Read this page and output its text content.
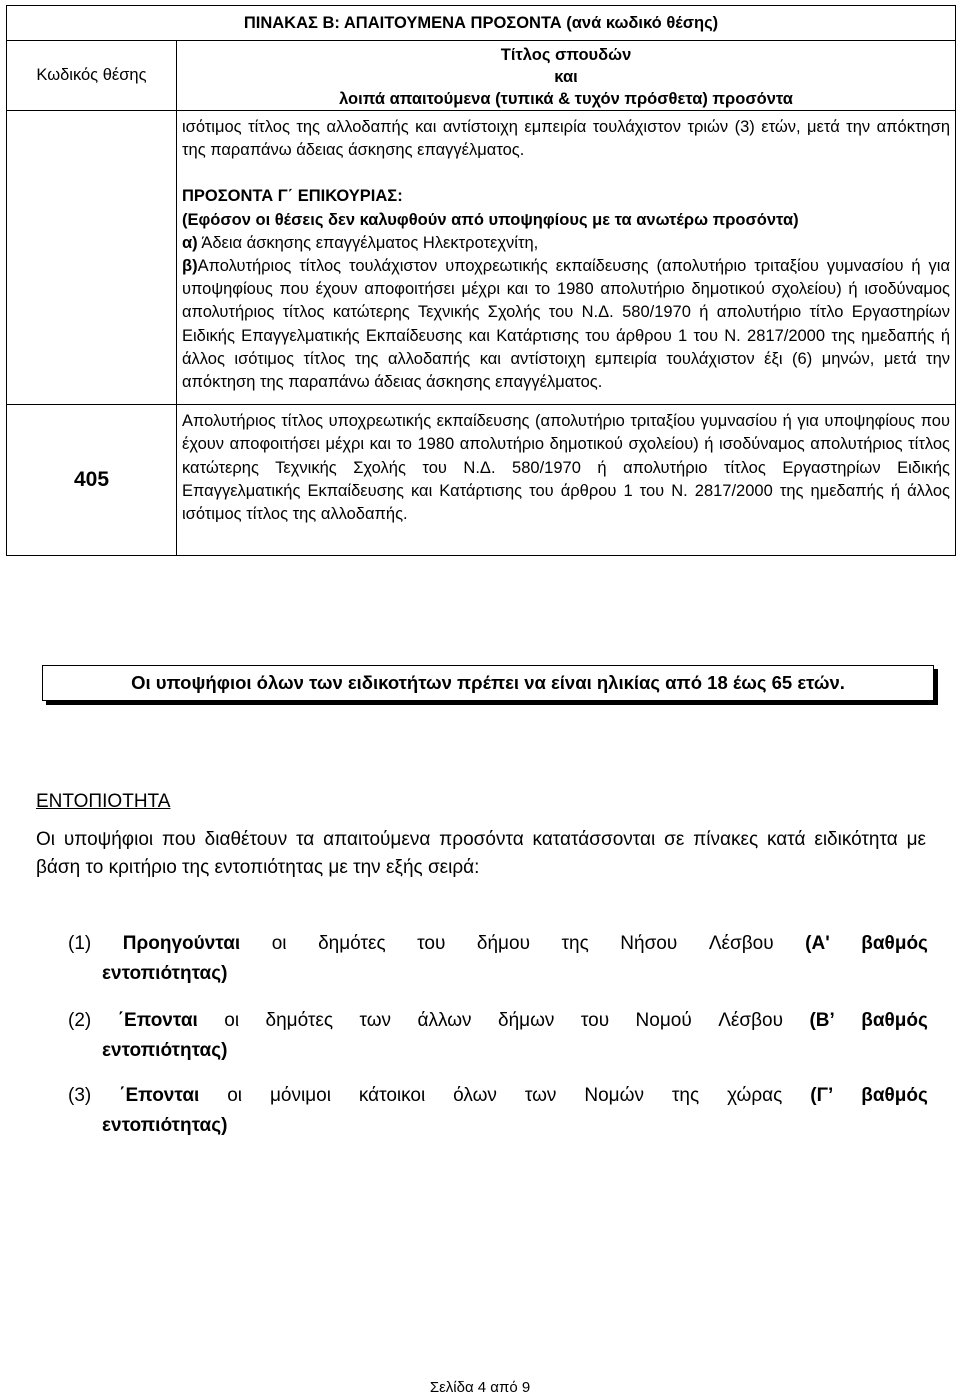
ΠΙΝΑΚΑΣ Β: ΑΠΑΙΤΟΥΜΕΝΑ ΠΡΟΣΟΝΤΑ (ανά κωδικό θέσης)	
Κωδικός θέσης	Τίτλος σπουδών
και
λοιπά απαιτούμενα (τυπικά & τυχόν πρόσθετα) προσόντα

	ισότιμος τίτλος της αλλοδαπής και αντίστοιχη εμπειρία τουλάχιστον τριών (3) ετών, μετά την απόκτηση της παραπάνω άδειας άσκησης επαγγέλματος.

ΠΡΟΣΟΝΤΑ Γ΄ ΕΠΙΚΟΥΡΙΑΣ:

(Εφόσον οι θέσεις δεν καλυφθούν από υποψηφίους με τα ανωτέρω προσόντα)

α) Άδεια άσκησης επαγγέλματος Ηλεκτροτεχνίτη,

β)Απολυτήριος τίτλος τουλάχιστον υποχρεωτικής εκπαίδευσης (απολυτήριο τριταξίου γυμνασίου ή για υποψηφίους που έχουν αποφοιτήσει μέχρι και το 1980 απολυτήριο δημοτικού σχολείου) ή ισοδύναμος απολυτήριος τίτλος κατώτερης Τεχνικής Σχολής του Ν.Δ. 580/1970 ή απολυτήριο τίτλο Εργαστηρίων Ειδικής Επαγγελματικής Εκπαίδευσης και Κατάρτισης του άρθρου 1 του Ν. 2817/2000 της ημεδαπής ή άλλος ισότιμος τίτλος της αλλοδαπής και αντίστοιχη εμπειρία τουλάχιστον έξι (6) μηνών, μετά την απόκτηση της παραπάνω άδειας άσκησης επαγγέλματος.

405	Απολυτήριος τίτλος υποχρεωτικής εκπαίδευσης (απολυτήριο τριταξίου γυμνασίου ή για υποψηφίους που έχουν αποφοιτήσει μέχρι και το 1980 απολυτήριο δημοτικού σχολείου) ή ισοδύναμος απολυτήριος τίτλος κατώτερης Τεχνικής Σχολής του Ν.Δ. 580/1970 ή απολυτήριο τίτλος Εργαστηρίων Ειδικής Επαγγελματικής Εκπαίδευσης και Κατάρτισης του άρθρου 1 του Ν. 2817/2000 της ημεδαπής ή άλλος ισότιμος τίτλος της αλλοδαπής.

Οι υποψήφιοι όλων των ειδικοτήτων πρέπει να είναι ηλικίας από 18 έως 65 ετών.
ΕΝΤΟΠΙΟΤΗΤΑ

Οι υποψήφιοι που διαθέτουν τα απαιτούμενα προσόντα κατατάσσονται σε πίνακες κατά ειδικότητα με βάση το κριτήριο της εντοπιότητας με την εξής σειρά:

(1) Προηγούνται οι δημότες του δήμου της Νήσου Λέσβου (Α' βαθμός
εντοπιότητας)
(2) ΄Επονται οι δημότες των άλλων δήμων του Νομού Λέσβου (Β’ βαθμός
εντοπιότητας)
(3) ΄Επονται οι μόνιμοι κάτοικοι όλων των Νομών της χώρας (Γ’ βαθμός
εντοπιότητας)
Σελίδα 4 από 9
